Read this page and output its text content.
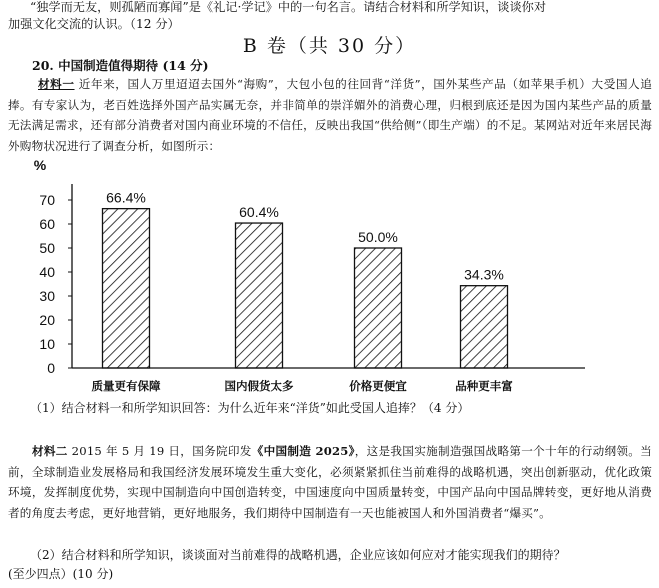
“独学而无友，则孤陋而寡闻”是《礼记·学记》中的一句名言。请结合材料和所学知识，谈谈你对
加强文化交流的认识。（12 分）
B 卷（共 30 分）
20. 中国制造值得期待 (14 分)
材料一 近年来，国人万里迢迢去国外“海购”，大包小包的往回背“洋货”，国外某些产品（如苹果手机）大受国人追捧。有专家认为，老百姓选择外国产品实属无奈，并非简单的崇洋媚外的消费心理，归根到底还是因为国内某些产品的质量无法满足需求，还有部分消费者对国内商业环境的不信任，反映出我国“供给侧”（即生产端）的不足。某网站对近年来居民海外购物状况进行了调查分析，如图所示：
%
0
10
20
30
40
50
60
70	66.4%
质量更有保障
60.4%
国内假货太多
50.0%
价格更便宜
34.3%
品种更丰富
（1）结合材料一和所学知识回答：为什么近年来“洋货”如此受国人追捧？（4 分）
材料二 2015 年 5 月 19 日，国务院印发《中国制造 2025》，这是我国实施制造强国战略第一个十年的行动纲领。当前，全球制造业发展格局和我国经济发展环境发生重大变化，必须紧紧抓住当前难得的战略机遇，突出创新驱动，优化政策环境，发挥制度优势，实现中国制造向中国创造转变，中国速度向中国质量转变，中国产品向中国品牌转变，更好地从消费者的角度去考虑，更好地营销，更好地服务，我们期待中国制造有一天也能被国人和外国消费者“爆买”。
（2）结合材料和所学知识，谈谈面对当前难得的战略机遇，企业应该如何应对才能实现我们的期待？
(至少四点）(10 分)
